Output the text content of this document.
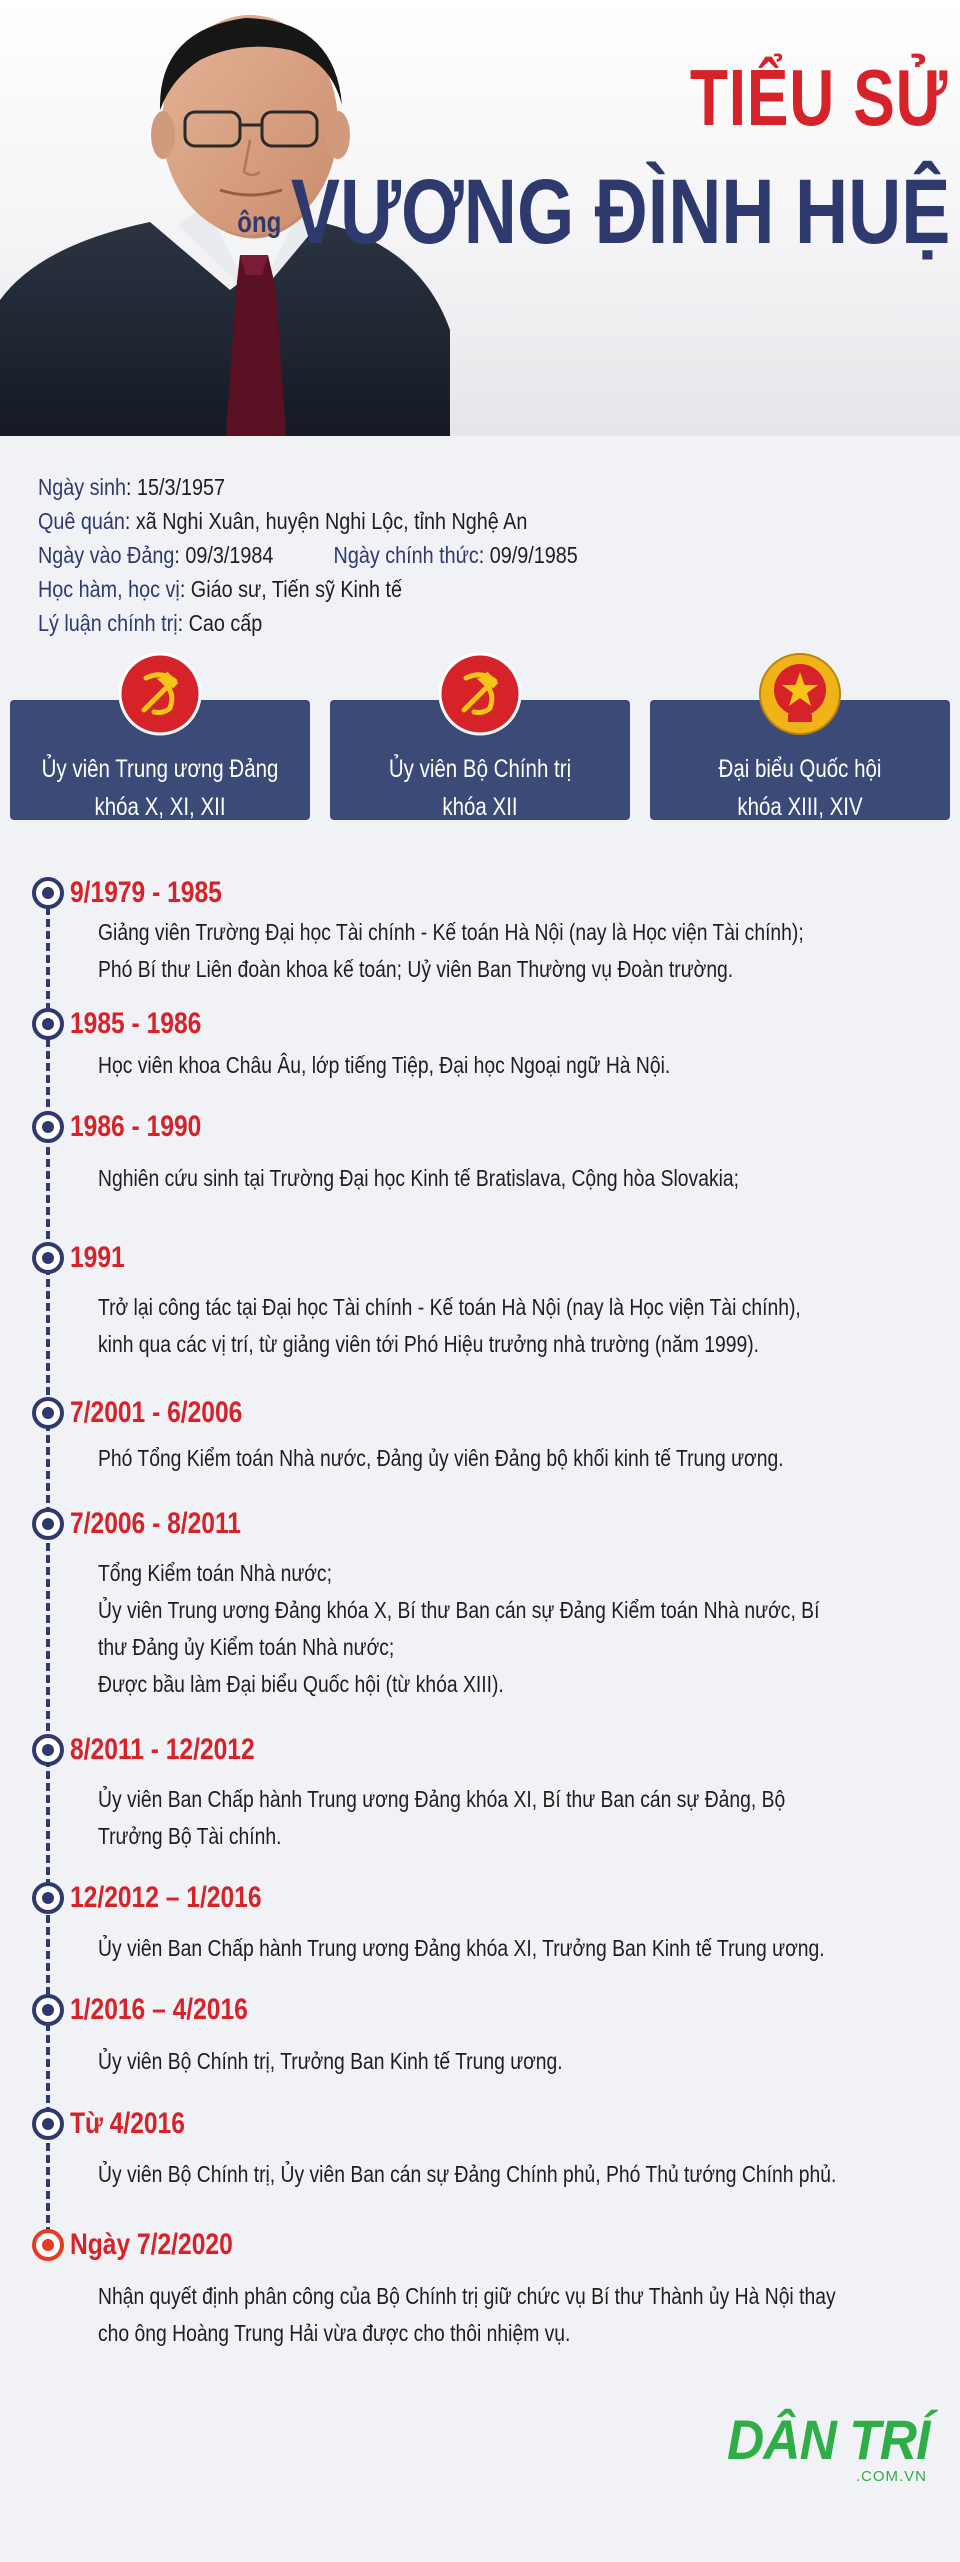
TIỂU SỬ
ông VƯƠNG ĐÌNH HUỆ
Ngày sinh: 15/3/1957
Quê quán: xã Nghi Xuân, huyện Nghi Lộc, tỉnh Nghệ An
Ngày vào Đảng: 09/3/1984	Ngày chính thức: 09/9/1985
Học hàm, học vị: Giáo sư, Tiến sỹ Kinh tế
Lý luận chính trị: Cao cấp
Ủy viên Trung ương Đảng
khóa X, XI, XII
Ủy viên Bộ Chính trị
khóa XII
Đại biểu Quốc hội
khóa XIII, XIV
9/1979 - 1985
Giảng viên Trường Đại học Tài chính - Kế toán Hà Nội (nay là Học viện Tài chính);
Phó Bí thư Liên đoàn khoa kế toán; Uỷ viên Ban Thường vụ Đoàn trường.
1985 - 1986
Học viên khoa Châu Âu, lớp tiếng Tiệp, Đại học Ngoại ngữ Hà Nội.
1986 - 1990
Nghiên cứu sinh tại Trường Đại học Kinh tế Bratislava, Cộng hòa Slovakia;
1991
Trở lại công tác tại Đại học Tài chính - Kế toán Hà Nội (nay là Học viện Tài chính),
kinh qua các vị trí, từ giảng viên tới Phó Hiệu trưởng nhà trường (năm 1999).
7/2001 - 6/2006
Phó Tổng Kiểm toán Nhà nước, Đảng ủy viên Đảng bộ khối kinh tế Trung ương.
7/2006 - 8/2011
Tổng Kiểm toán Nhà nước;
Ủy viên Trung ương Đảng khóa X, Bí thư Ban cán sự Đảng Kiểm toán Nhà nước, Bí
thư Đảng ủy Kiểm toán Nhà nước;
Được bầu làm Đại biểu Quốc hội (từ khóa XIII).
8/2011 - 12/2012
Ủy viên Ban Chấp hành Trung ương Đảng khóa XI, Bí thư Ban cán sự Đảng, Bộ
Trưởng Bộ Tài chính.
12/2012 – 1/2016
Ủy viên Ban Chấp hành Trung ương Đảng khóa XI, Trưởng Ban Kinh tế Trung ương.
1/2016 – 4/2016
Ủy viên Bộ Chính trị, Trưởng Ban Kinh tế Trung ương.
Từ 4/2016
Ủy viên Bộ Chính trị, Ủy viên Ban cán sự Đảng Chính phủ, Phó Thủ tướng Chính phủ.
Ngày 7/2/2020
Nhận quyết định phân công của Bộ Chính trị giữ chức vụ Bí thư Thành ủy Hà Nội thay
cho ông Hoàng Trung Hải vừa được cho thôi nhiệm vụ.
DÂN TRÍ
.COM.VN
